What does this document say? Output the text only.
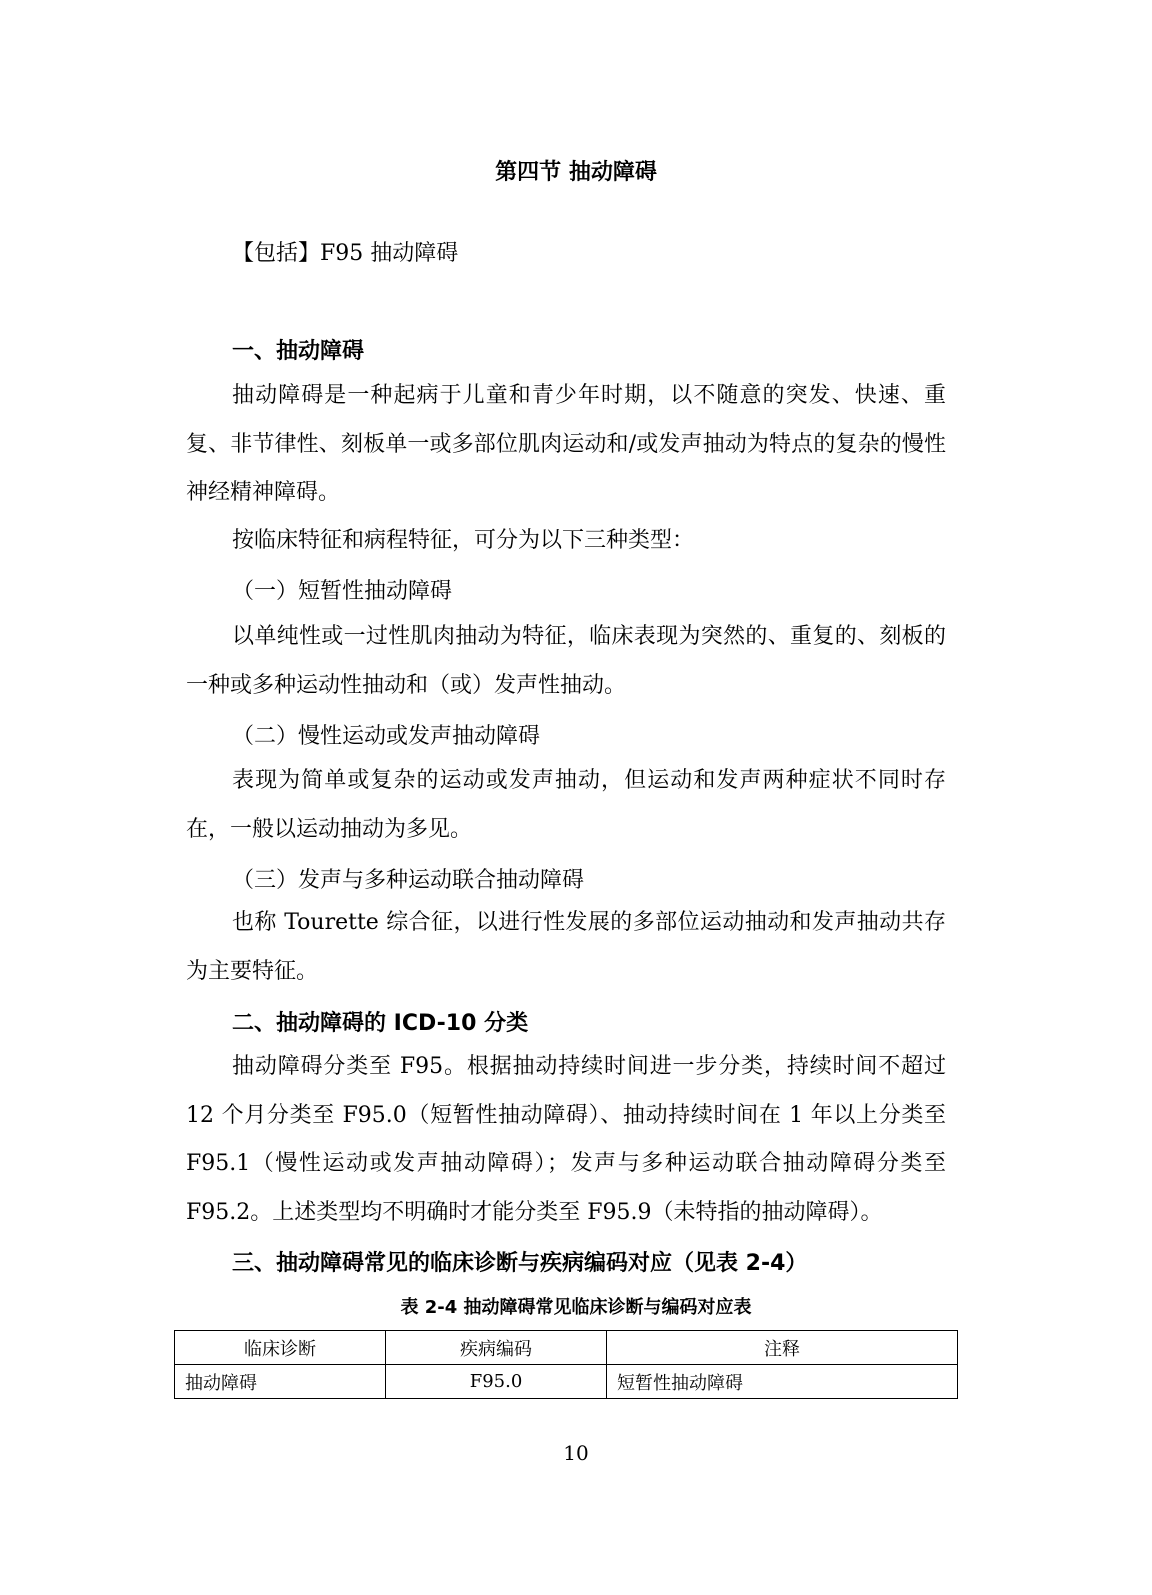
第四节 抽动障碍
【包括】F95 抽动障碍
一、抽动障碍
抽动障碍是一种起病于儿童和青少年时期，以不随意的突发、快速、重复、非节律性、刻板单一或多部位肌肉运动和/或发声抽动为特点的复杂的慢性神经精神障碍。
按临床特征和病程特征，可分为以下三种类型：
（一）短暂性抽动障碍
以单纯性或一过性肌肉抽动为特征，临床表现为突然的、重复的、刻板的一种或多种运动性抽动和（或）发声性抽动。
（二）慢性运动或发声抽动障碍
表现为简单或复杂的运动或发声抽动，但运动和发声两种症状不同时存在，一般以运动抽动为多见。
（三）发声与多种运动联合抽动障碍
也称 Tourette 综合征，以进行性发展的多部位运动抽动和发声抽动共存为主要特征。
二、抽动障碍的 ICD-10 分类
抽动障碍分类至 F95。根据抽动持续时间进一步分类，持续时间不超过 12 个月分类至 F95.0（短暂性抽动障碍）、抽动持续时间在 1 年以上分类至 F95.1（慢性运动或发声抽动障碍）；发声与多种运动联合抽动障碍分类至 F95.2。上述类型均不明确时才能分类至 F95.9（未特指的抽动障碍）。
三、抽动障碍常见的临床诊断与疾病编码对应（见表 2-4）
表 2-4 抽动障碍常见临床诊断与编码对应表
临床诊断	疾病编码	注释
抽动障碍	F95.0	短暂性抽动障碍
10
